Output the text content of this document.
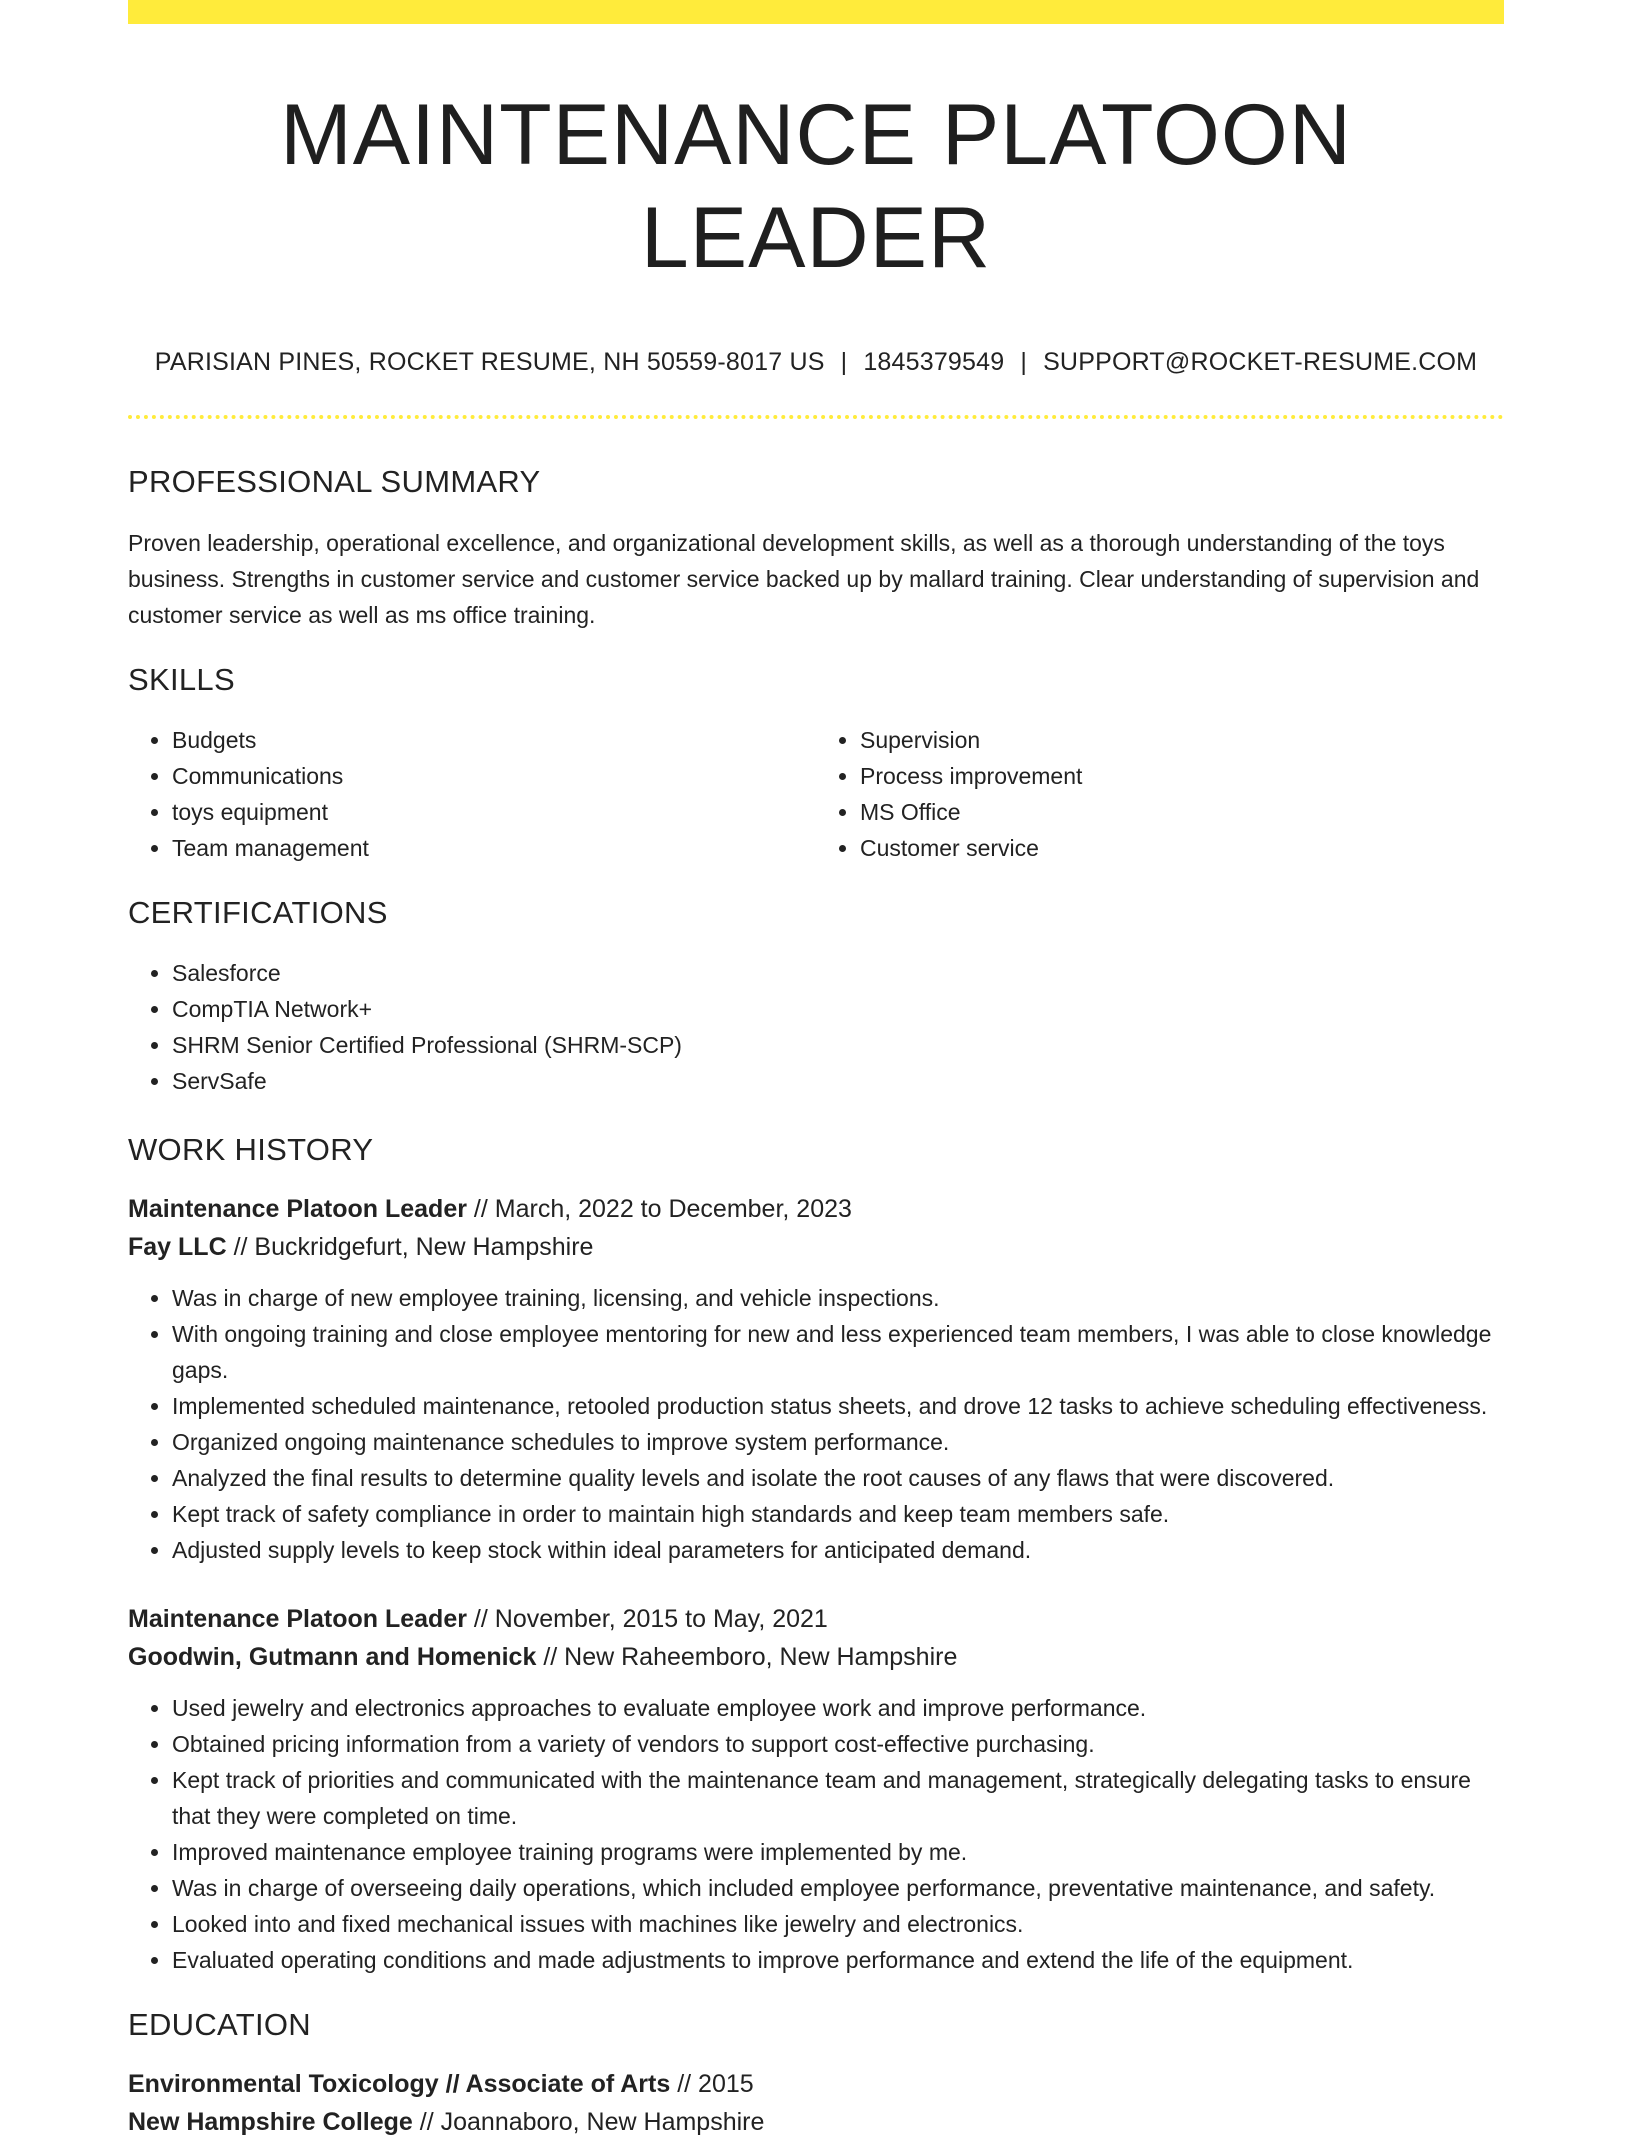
MAINTENANCE PLATOON LEADER
PARISIAN PINES, ROCKET RESUME, NH 50559-8017 US | 1845379549 | SUPPORT@ROCKET-RESUME.COM
PROFESSIONAL SUMMARY

Proven leadership, operational excellence, and organizational development skills, as well as a thorough understanding of the toys business. Strengths in customer service and customer service backed up by mallard training. Clear understanding of supervision and customer service as well as ms office training.

SKILLS
• Budgets
• Communications
• toys equipment
• Team management
• Supervision
• Process improvement
• MS Office
• Customer service
CERTIFICATIONS
• Salesforce
• CompTIA Network+
• SHRM Senior Certified Professional (SHRM-SCP)
• ServSafe
WORK HISTORY
Maintenance Platoon Leader // March, 2022 to December, 2023
Fay LLC // Buckridgefurt, New Hampshire
• Was in charge of new employee training, licensing, and vehicle inspections.
• With ongoing training and close employee mentoring for new and less experienced team members, I was able to close knowledge gaps.
• Implemented scheduled maintenance, retooled production status sheets, and drove 12 tasks to achieve scheduling effectiveness.
• Organized ongoing maintenance schedules to improve system performance.
• Analyzed the final results to determine quality levels and isolate the root causes of any flaws that were discovered.
• Kept track of safety compliance in order to maintain high standards and keep team members safe.
• Adjusted supply levels to keep stock within ideal parameters for anticipated demand.
Maintenance Platoon Leader // November, 2015 to May, 2021
Goodwin, Gutmann and Homenick // New Raheemboro, New Hampshire
• Used jewelry and electronics approaches to evaluate employee work and improve performance.
• Obtained pricing information from a variety of vendors to support cost-effective purchasing.
• Kept track of priorities and communicated with the maintenance team and management, strategically delegating tasks to ensure that they were completed on time.
• Improved maintenance employee training programs were implemented by me.
• Was in charge of overseeing daily operations, which included employee performance, preventative maintenance, and safety.
• Looked into and fixed mechanical issues with machines like jewelry and electronics.
• Evaluated operating conditions and made adjustments to improve performance and extend the life of the equipment.
EDUCATION
Environmental Toxicology // Associate of Arts // 2015
New Hampshire College // Joannaboro, New Hampshire
